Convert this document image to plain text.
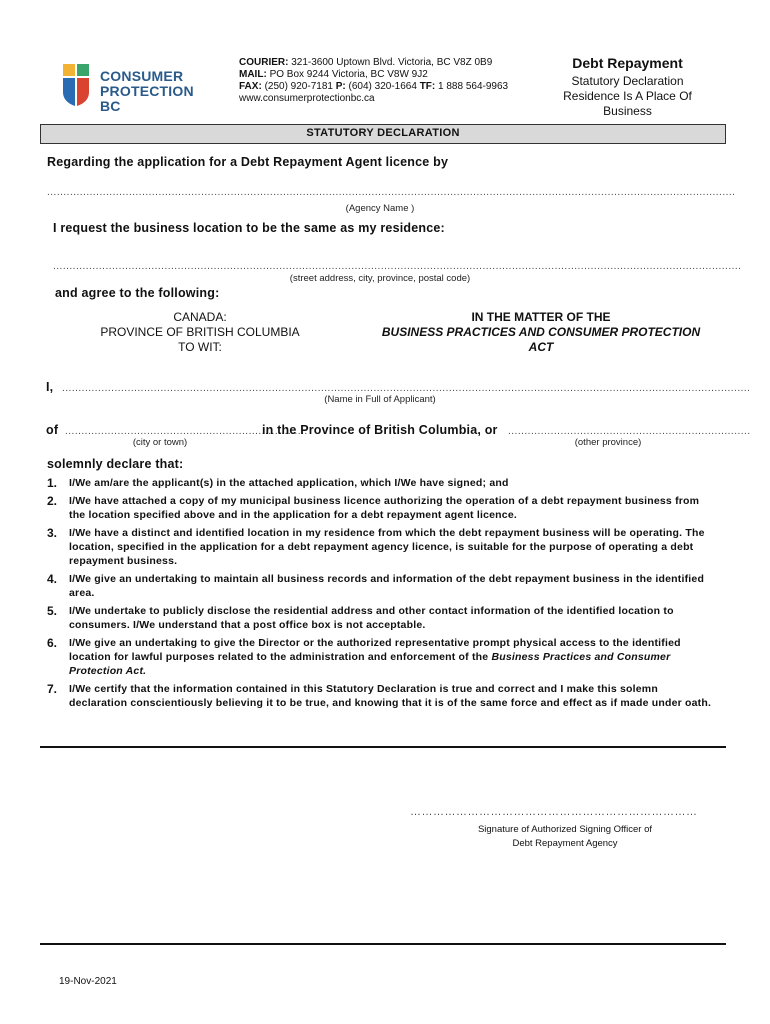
CONSUMER
PROTECTION BC
COURIER: 321-3600 Uptown Blvd. Victoria, BC V8Z 0B9
MAIL: PO Box 9244 Victoria, BC V8W 9J2
FAX: (250) 920-7181 P: (604) 320-1664 TF: 1 888 564-9963
www.consumerprotectionbc.ca
Debt Repayment
Statutory Declaration
Residence Is A Place Of
Business
STATUTORY DECLARATION
Regarding the application for a Debt Repayment Agent licence by
..................................................................................................................................................................................................................
(Agency Name )
I request the business location to be the same as my residence:
..................................................................................................................................................................................................................
(street address, city, province, postal code)
and agree to the following:
CANADA:
PROVINCE OF BRITISH COLUMBIA
TO WIT:
IN THE MATTER OF THE
BUSINESS PRACTICES AND CONSUMER PROTECTION
ACT
I, ..................................................................................................................................................................................................................
(Name in Full of Applicant)
of ..........................................................................
in the Province of British Columbia, or ..........................................................................
(city or town)	(other province)
solemnly declare that:
1.	I/We am/are the applicant(s) in the attached application, which I/We have signed; and
2.	I/We have attached a copy of my municipal business licence authorizing the operation of a debt repayment business from the location specified above and in the application for a debt repayment agent licence.
3.	I/We have a distinct and identified location in my residence from which the debt repayment business will be operating. The location, specified in the application for a debt repayment agency licence, is suitable for the purpose of operating a debt repayment business.
4.	I/We give an undertaking to maintain all business records and information of the debt repayment business in the identified area.
5.	I/We undertake to publicly disclose the residential address and other contact information of the identified location to consumers. I/We understand that a post office box is not acceptable.
6.	I/We give an undertaking to give the Director or the authorized representative prompt physical access to the identified location for lawful purposes related to the administration and enforcement of the Business Practices and Consumer Protection Act.
7.	I/We certify that the information contained in this Statutory Declaration is true and correct and I make this solemn declaration conscientiously believing it to be true, and knowing that it is of the same force and effect as if made under oath.
…………………………………………………………………
Signature of Authorized Signing Officer of
Debt Repayment Agency
19-Nov-2021
